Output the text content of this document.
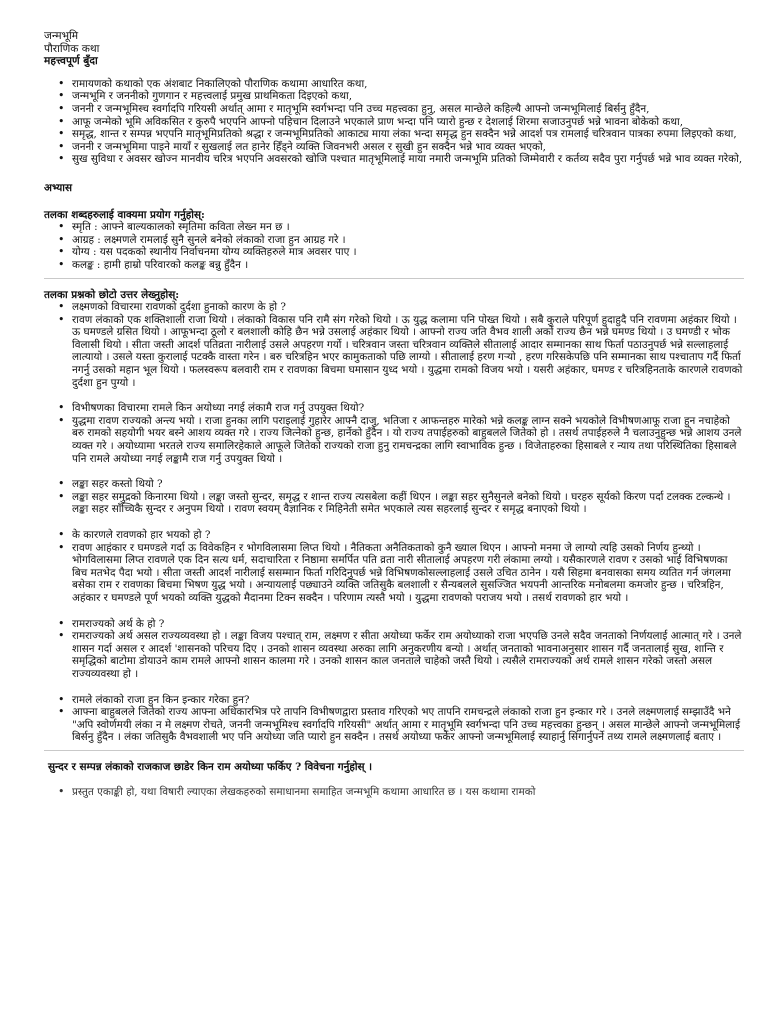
जन्मभूमि
पौराणिक कथा
महत्त्वपूर्ण बुँदा
• रामायणको कथाको एक अंशबाट निकालिएको पौराणिक कथामा आधारित कथा,
• जन्मभूमि र जननीको गुणगान र महत्त्वलाई प्रमुख प्राथमिकता दिइएको कथा,
• जननी र जन्मभूमिस्च स्वर्गादपि गरियसी अर्थात् आमा र मातृभूमि स्वर्गभन्दा पनि उच्च महत्त्वका हुनु, असल मान्छेले कहिल्यै आफ्नो जन्मभूमिलाई बिर्सनु हुँदैन,
• आफू जन्मेको भूमि अविकसित र कुरुपै भएपनि आफ्नो पहिचान दिलाउने भएकाले प्राण भन्दा पनि प्यारो हुन्छ र देशलाई शिरमा सजाउनुपर्छ भन्ने भावना बोकेको कथा,
• समृद्ध, शान्त र सम्पन्न भएपनि मातृभूमिप्रतिको श्रद्धा र जन्मभूमिप्रतिको आकाट्य माया लंका भन्दा समृद्ध हुन सक्दैन भन्ने आदर्श पत्र रामलाई चरित्रवान पात्रका रुपमा लिइएको कथा,
• जननी र जन्मभूमिमा पाइने मायाँ र सुखलाई लत हानेर हिँड्ने व्यक्ति जिवनभरी असल र सुखी हुन सक्दैन भन्ने भाव व्यक्त भएको,
• सुख सुविधा र अवसर खोज्न मानवीय चरित्र भएपनि अवसरको खोजि पश्चात मातृभूमिलाई माया नमारी जन्मभूमि प्रतिको जिम्मेवारी र कर्तव्य सदैव पुरा गर्नुपर्छ भन्ने भाव व्यक्त गरेको,
अभ्यास
तलका शब्दहरुलाई वाक्यमा प्रयोग गर्नुहोस्:
• स्मृति : आफ्ने बाल्यकालको स्मृतिमा कविता लेख्न मन छ ।
• आग्रह : लक्ष्मणले रामलाई सुनै सुनले बनेको लंकाको राजा हुन आग्रह गरे ।
• योग्य : यस पदकको स्थानीय निर्वाचनमा योग्य व्यक्तिहरुले मात्र अवसर पाए ।
• कलङ्क : हामी हाम्रो परिवारको कलङ्क बन्नु हुँदैन ।
तलका प्रश्नको छोटो उत्तर लेख्नुहोस्:
• लक्ष्मणको विचारमा रावणको दुर्दशा हुनाको कारण के हो ?
• रावण लंकाको एक शक्तिशाली राजा थियो । लंकाको विकास पनि रामै संग गरेको थियो । ऊ युद्ध कलामा पनि पोख्त थियो । सबै कुराले परिपूर्ण हुदाहुदै पनि रावणमा अहंकार थियो । ऊ घमण्डले ग्रसित थियो । आफूभन्दा ठूलो र बलशाली कोहि छैन भन्ने उसलाई अहंकार थियो । आफ्नो राज्य जति वैभव शाली अर्को राज्य छैन भन्ने घमण्ड थियो । उ घमण्डी र भोक विलासी थियो । सीता जस्ती आदर्श पतिव्रता नारीलाई उसले अपहरण गर्यो । चरित्रवान जस्ता चरित्रवान व्यक्तिले सीतालाई आदार सम्मानका साथ फिर्ता पठाउनुपर्छ भन्ने सल्लाहलाई लात्यायो । उसले यस्ता कुरालाई पटक्कै वास्ता गरेन । बरु चरित्रहिन भएर कामुकताको पछि लाग्यो । सीतालाई हरण गर्‍यो , हरण गरिसकेपछि पनि सम्मानका साथ पश्चाताप गर्दै फिर्ता नगर्नु उसको महान भूल थियो । फलस्वरूप बलवारी राम र रावणका बिचमा घमासान युध्द भयो । युद्धमा रामको विजय भयो । यसरी अहंकार, घमण्ड र चरित्रहिनताके कारणले रावणको दुर्दशा हुन पुग्यो ।
• विभीषणका विचारमा रामले किन अयोध्या नगई लंकामै राज गर्नु उपयुक्त थियो?
• युद्धमा रावण राज्यको अन्त्य भयो । राजा हुनका लागि पराइलाई गुहारेर आफ्नै दाजु, भतिजा र आफन्तहरु मारेको भन्ने कलङ्क लाग्न सक्ने भयकोले विभीषणआफू राजा हुन नचाहेको बरु रामको सहयोगी भयर बस्ने आशय व्यक्त गरे । राज्य जित्नेको हुन्छ, हार्नेको हुँदैन । यो राज्य तपाईहरुको बाहुबलले जितेको हो । तसर्थ तपाईहरुले नै चलाउनुहुन्छ भन्ने आशय उनले व्यक्त गरे । अयोध्यामा भरतले राज्य समालिरहेकाले आफूले जितेको राज्यको राजा हुनु रामचन्द्रका लागि स्वाभाविक हुन्छ । विजेताहरुका हिसाबले र न्याय तथा परिस्थितिका हिसाबले पनि रामले अयोध्या नगई लङ्कामै राज गर्नु उपयुक्त थियो ।
• लङ्का सहर कस्तो थियो ?
• लङ्का सहर समुद्रको किनारमा थियो । लङ्का जस्तो सुन्दर, समृद्ध र शान्त राज्य त्यसबेला कहीं थिएन । लङ्का सहर सुनैसुनले बनेको थियो । घरहरु सूर्यको किरण पर्दा टलक्क टल्कन्थे । लङ्का सहर साँच्चिकै सुन्दर र अनुपम थियो । रावण स्वयम् वैज्ञानिक र मिहिनेती समेत भएकाले त्यस सहरलाई सुन्दर र समृद्ध बनाएको थियो ।
• के कारणले रावणको हार भयको हो ?
• रावण आहंकार र घमण्डले गर्दा ऊ विवेकहिन र भोगविलासमा लिप्त थियो । नैतिकता अनैतिकताको कुनै ख्याल थिएन । आफ्नो मनमा जे लाग्यो त्यहि उसको निर्णय हुन्थ्यो । भोगविलासमा लिप्त रावणले एक दिन सत्य धर्म, सदाचारिता र निष्ठामा समर्पित पति व्रता नारी सीतालाई अपहरण गरी लंकामा लग्यो । यसैकारणले रावण र उसको भाई विभिषणका बिच मतभेद पैदा भयो । सीता जस्ती आदर्श नारीलाई ससम्मान फिर्ता गरिदिनुपर्छ भन्ने विभिषणकोसल्लाहलाई उसले उचित ठानेन । यसै सिहमा बनवासका समय व्यतित गर्न जंगलमा बसेका राम र रावणका बिचमा भिषण युद्ध भयो । अन्यायलाई पछ्याउने व्यक्ति जतिसुकै बलशाली र सैन्यबलले सुसज्जित भयपनी आन्तरिक मनोबलमा कमजोर हुन्छ । चरित्रहिन, अहंकार र घमण्डले पूर्ण भयको व्यक्ति युद्धको मैदानमा टिक्न सक्दैन । परिणाम त्यस्तै भयो । युद्धमा रावणको पराजय भयो । तसर्थ रावणको हार भयो ।
• रामराज्यको अर्थ के हो ?
• रामराज्यको अर्थ असल राज्यव्यवस्था हो । लङ्का विजय पश्चात् राम, लक्ष्मण र सीता अयोध्या फर्केर राम अयोध्याको राजा भएपछि उनले सदैव जनताको निर्णयलाई आत्मात् गरे । उनले शासन गर्दा असल र आदर्श 'शासनको परिचय दिए । उनको शासन व्यवस्था अरुका लागि अनुकरणीय बन्यो । अर्थात् जनताको भावनाअनुसार शासन गर्दै जनतालाई सुख, शान्ति र समृद्धिको बाटोमा डोयाउने काम रामले आफ्नो शासन कालमा गरे । उनको शासन काल जनताले चाहेको जस्तै थियो । त्यसैले रामराज्यको अर्थ रामले शासन गरेको जस्तो असल राज्यव्यवस्था हो ।
• रामले लंकाको राजा हुन किन इन्कार गरेका हुन?
• आफ्ना बाहुबलले जितेको राज्य आफ्ना अधिकारभित्र परे तापनि विभीषणद्वारा प्रस्ताव गरिएको भए तापनि रामचन्द्रले लंकाको राजा हुन इन्कार गरे । उनले लक्ष्मणलाई सम्झाउँदै भने "अपि स्वोर्णमयी लंका न मे लक्ष्मण रोचते, जननी जन्मभूमिश्च स्वर्गादपि गरियसी" अर्थात् आमा र मातृभूमि स्वर्गभन्दा पनि उच्च महत्त्वका हुन्छन् । असल मान्छेले आफ्नो जन्मभूमिलाई बिर्सनु हुँदैन । लंका जतिसुकै वैभवशाली भए पनि अयोध्या जति प्यारो हुन सक्दैन । तसर्थ अयोध्या फर्केर आफ्नो जन्मभूमिलाई स्याहार्नु सिंगार्नुपर्ने तथ्य रामले लक्ष्मणलाई बताए ।
सुन्दर र सम्पन्न लंकाको राजकाज छाडेर किन राम अयोध्या फर्किए ? विवेचना गर्नुहोस् ।
• प्रस्तुत एकाङ्की हो, यथा विषारी ल्याएका लेखकहरुको समाधानमा समाहित जन्मभूमि कथामा आधारित छ । यस कथामा रामको
